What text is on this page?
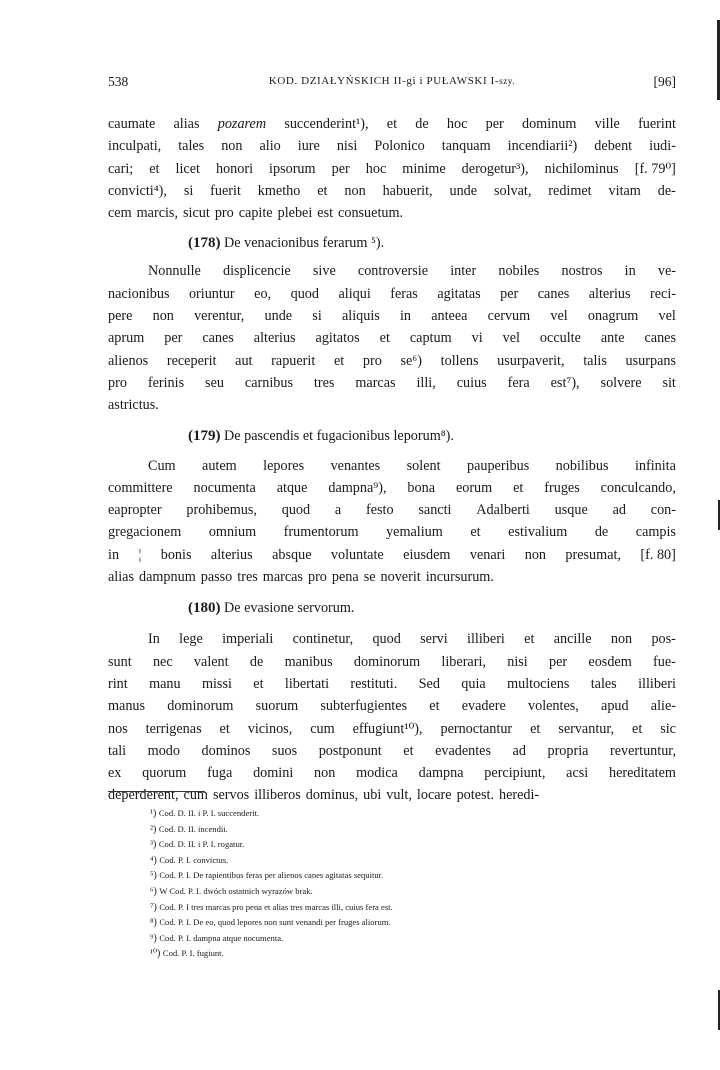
538	KOD. DZIAŁYŃSKICH II-gi i PUŁAWSKI I-szy.	[96]
caumate alias pozarem succenderint¹), et de hoc per dominum ville fuerint
inculpati, tales non alio iure nisi Polonico tanquam incendiarii²) debent iudi-
cari; et licet honori ipsorum per hoc minime derogetur³), nichilominus [f. 79⁰]
convicti⁴), si fuerit kmetho et non habuerit, unde solvat, redimet vitam de-
cem marcis, sicut pro capite plebei est consuetum.
(178) De venacionibus ferarum ⁵).
Nonnulle displicencie sive controversie inter nobiles nostros in ve-
nacionibus oriuntur eo, quod aliqui feras agitatas per canes alterius reci-
pere non verentur, unde si aliquis in anteea cervum vel onagrum vel
aprum per canes alterius agitatos et captum vi vel occulte ante canes
alienos receperit aut rapuerit et pro se⁶) tollens usurpaverit, talis usurpans
pro ferinis seu carnibus tres marcas illi, cuius fera est⁷), solvere sit
astrictus.
(179) De pascendis et fugacionibus leporum⁸).
Cum autem lepores venantes solent pauperibus nobilibus infinita
committere nocumenta atque dampna⁹), bona eorum et fruges conculcando,
eapropter prohibemus, quod a festo sancti Adalberti usque ad con-
gregacionem omnium frumentorum yemalium et estivalium de campis
in ¦ bonis alterius absque voluntate eiusdem venari non presumat, [f. 80]
alias dampnum passo tres marcas pro pena se noverit incursurum.
(180) De evasione servorum.
In lege imperiali continetur, quod servi illiberi et ancille non pos-
sunt nec valent de manibus dominorum liberari, nisi per eosdem fue-
rint manu missi et libertati restituti. Sed quia multociens tales illiberi
manus dominorum suorum subterfugientes et evadere volentes, apud alie-
nos terrigenas et vicinos, cum effugiunt¹⁰), pernoctantur et servantur, et sic
tali modo dominos suos postponunt et evadentes ad propria revertuntur,
ex quorum fuga domini non modica dampna percipiunt, acsi hereditatem
deperderent, cum servos illiberos dominus, ubi vult, locare potest. heredi-
¹) Cod. D. II. i P. I. succenderit.
²) Cod. D. II. incendii.
³) Cod. D. II. i P. I. rogatur.
⁴) Cod. P. I. convictus.
⁵) Cod. P. I. De rapientibus feras per alienos canes agitatas sequitur.
⁶) W Cod. P. I. dwóch ostatnich wyrazów brak.
⁷) Cod. P. I tres marcas pro pena et alias tres marcas illi, cuius fera est.
⁸) Cod. P. I. De eo, quod lepores non sunt venandi per fruges aliorum.
⁹) Cod. P. I. dampna atque nocumenta.
¹⁰) Cod. P. I. fugiunt.
